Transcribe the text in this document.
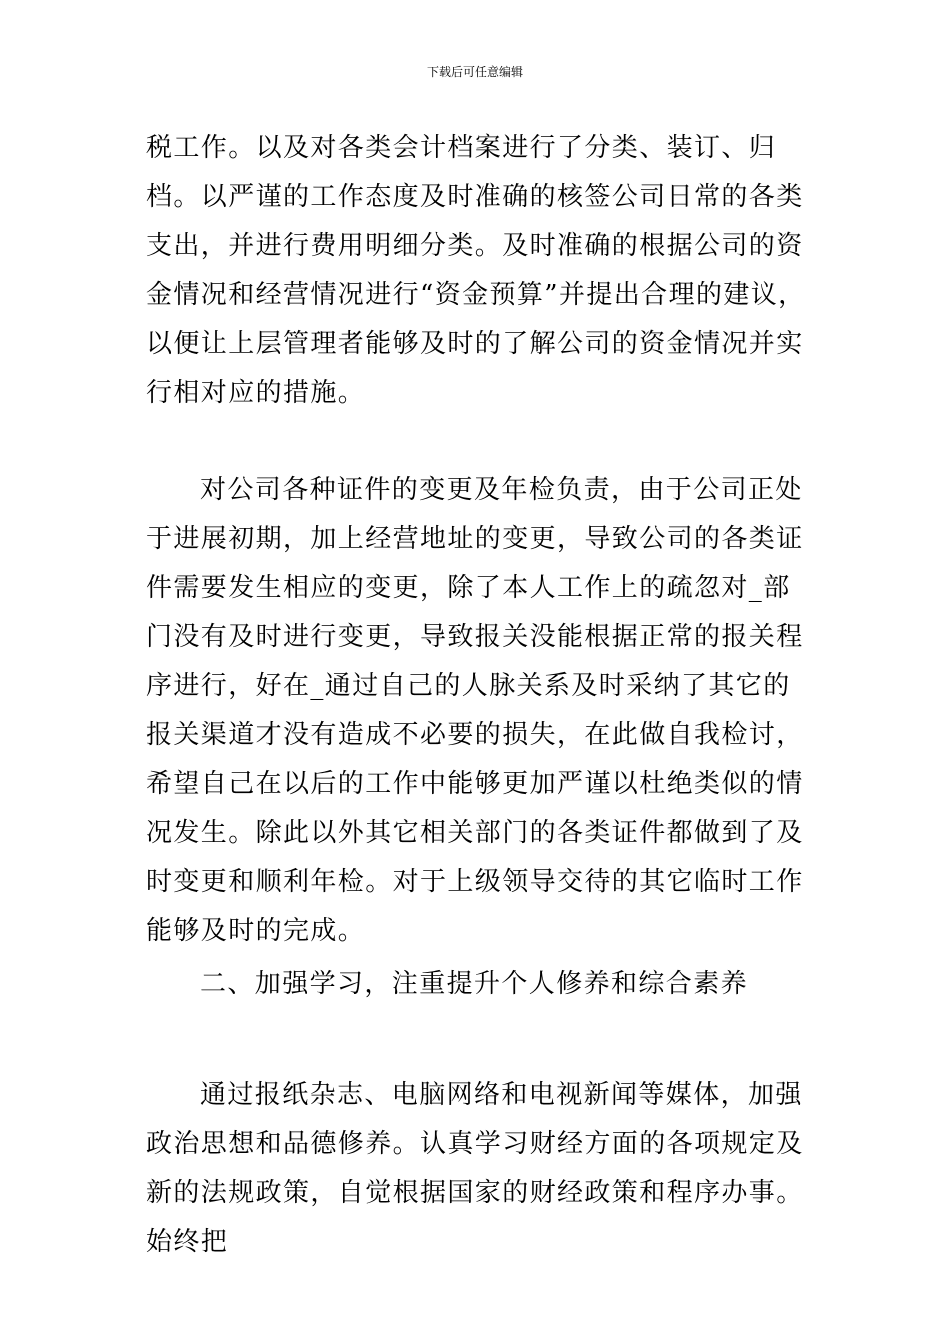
下载后可任意编辑

税工作。以及对各类会计档案进行了分类、装订、归档。以严谨的工作态度及时准确的核签公司日常的各类支出，并进行费用明细分类。及时准确的根据公司的资金情况和经营情况进行“资金预算”并提出合理的建议，以便让上层管理者能够及时的了解公司的资金情况并实行相对应的措施。

对公司各种证件的变更及年检负责，由于公司正处于进展初期，加上经营地址的变更，导致公司的各类证件需要发生相应的变更，除了本人工作上的疏忽对_部门没有及时进行变更，导致报关没能根据正常的报关程序进行，好在_通过自己的人脉关系及时采纳了其它的报关渠道才没有造成不必要的损失，在此做自我检讨，希望自己在以后的工作中能够更加严谨以杜绝类似的情况发生。除此以外其它相关部门的各类证件都做到了及时变更和顺利年检。对于上级领导交待的其它临时工作能够及时的完成。

二、加强学习，注重提升个人修养和综合素养

通过报纸杂志、电脑网络和电视新闻等媒体，加强政治思想和品德修养。认真学习财经方面的各项规定及新的法规政策，自觉根据国家的财经政策和程序办事。始终把
